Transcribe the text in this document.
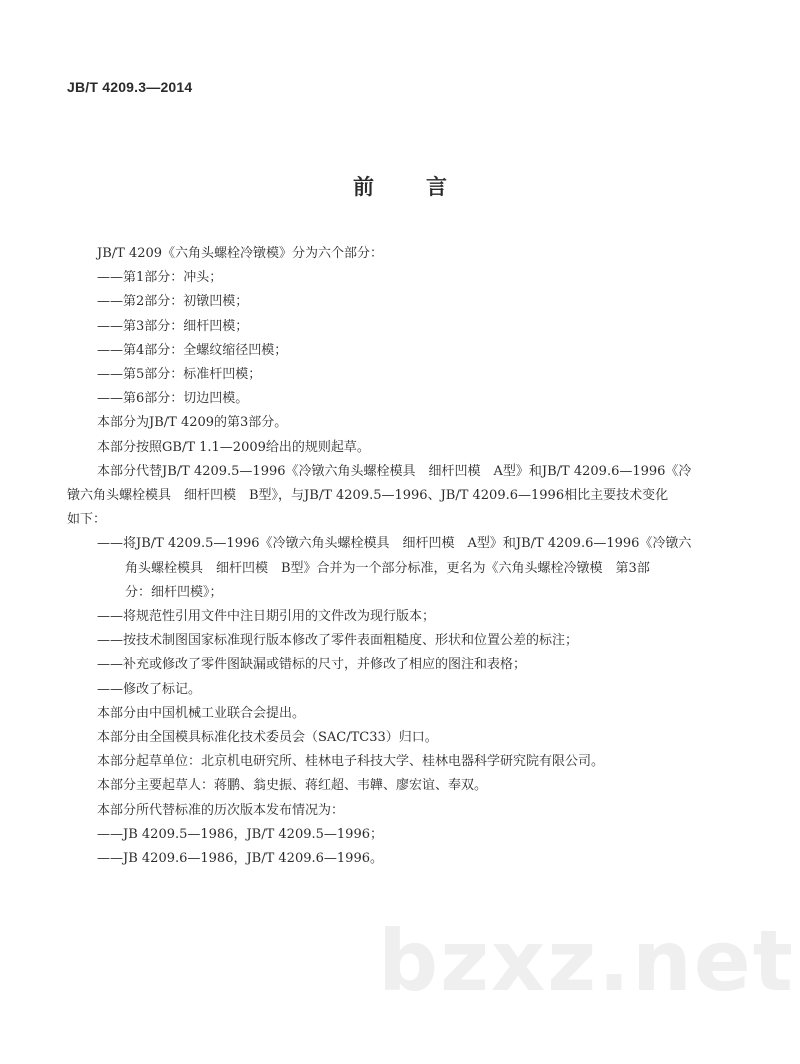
JB/T 4209.3—2014
前 言
JB/T 4209《六角头螺栓冷镦模》分为六个部分：
——第1部分：冲头；
——第2部分：初镦凹模；
——第3部分：细杆凹模；
——第4部分：全螺纹缩径凹模；
——第5部分：标准杆凹模；
——第6部分：切边凹模。
本部分为JB/T 4209的第3部分。
本部分按照GB/T 1.1—2009给出的规则起草。
本部分代替JB/T 4209.5—1996《冷镦六角头螺栓模具　细杆凹模　A型》和JB/T 4209.6—1996《冷
镦六角头螺栓模具　细杆凹模　B型》，与JB/T 4209.5—1996、JB/T 4209.6—1996相比主要技术变化
如下：
——将JB/T 4209.5—1996《冷镦六角头螺栓模具　细杆凹模　A型》和JB/T 4209.6—1996《冷镦六
角头螺栓模具　细杆凹模　B型》合并为一个部分标准，更名为《六角头螺栓冷镦模　第3部
分：细杆凹模》；
——将规范性引用文件中注日期引用的文件改为现行版本；
——按技术制图国家标准现行版本修改了零件表面粗糙度、形状和位置公差的标注；
——补充或修改了零件图缺漏或错标的尺寸，并修改了相应的图注和表格；
——修改了标记。
本部分由中国机械工业联合会提出。
本部分由全国模具标准化技术委员会（SAC/TC33）归口。
本部分起草单位：北京机电研究所、桂林电子科技大学、桂林电器科学研究院有限公司。
本部分主要起草人：蒋鹏、翁史振、蒋红超、韦韡、廖宏谊、奉双。
本部分所代替标准的历次版本发布情况为：
——JB 4209.5—1986，JB/T 4209.5—1996；
——JB 4209.6—1986，JB/T 4209.6—1996。
bzxz.net
